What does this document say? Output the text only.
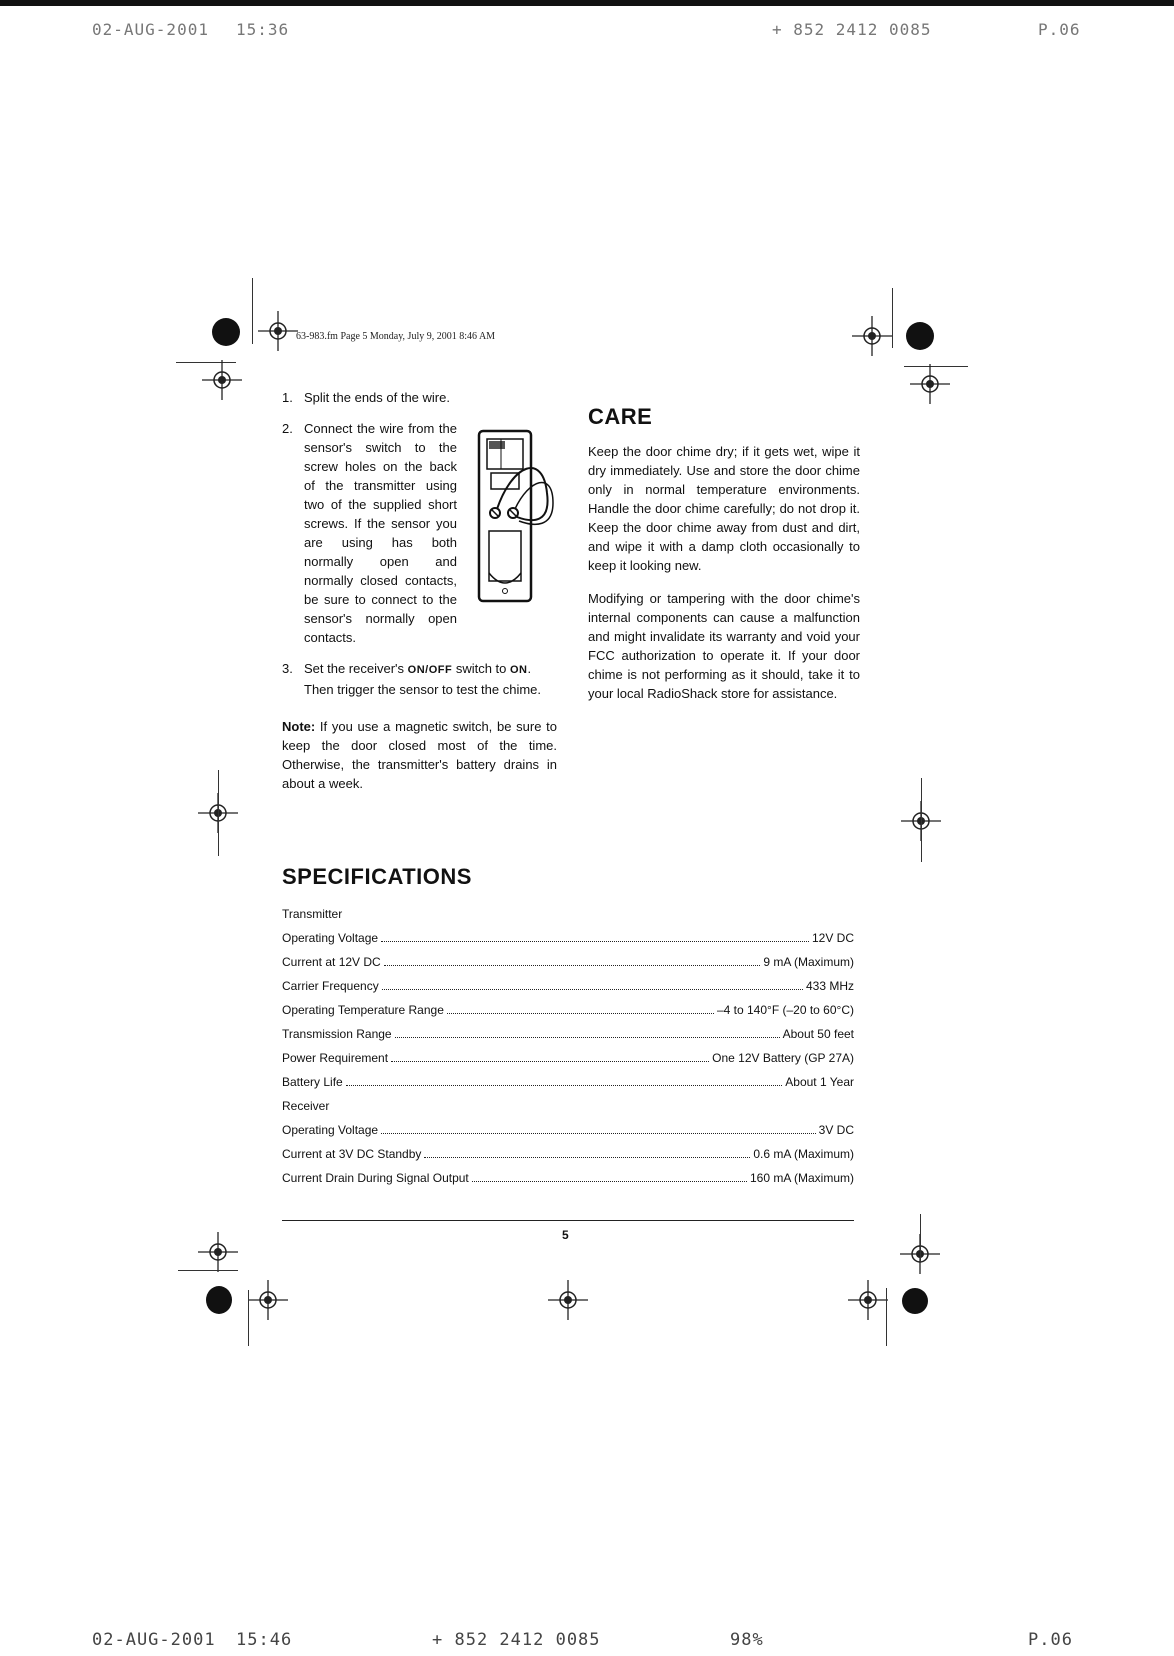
02-AUG-2001 15:36	+ 852 2412 0085	P.06
63-983.fm Page 5 Monday, July 9, 2001 8:46 AM
1. Split the ends of the wire.
2. Connect the wire from the sensor's switch to the screw holes on the back of the transmitter using two of the supplied short screws. If the sensor you are using has both normally open and normally closed contacts, be sure to connect to the sensor's normally open contacts.
3. Set the receiver's ON/OFF switch to ON. Then trigger the sensor to test the chime.
Note: If you use a magnetic switch, be sure to keep the door closed most of the time. Otherwise, the transmitter's battery drains in about a week.
CARE

Keep the door chime dry; if it gets wet, wipe it dry immediately. Use and store the door chime only in normal temperature environments. Handle the door chime carefully; do not drop it. Keep the door chime away from dust and dirt, and wipe it with a damp cloth occasionally to keep it looking new.

Modifying or tampering with the door chime's internal components can cause a malfunction and might invalidate its warranty and void your FCC authorization to operate it. If your door chime is not performing as it should, take it to your local RadioShack store for assistance.

SPECIFICATIONS
Transmitter
Operating Voltage	12V DC
Current at 12V DC	9 mA (Maximum)
Carrier Frequency	433 MHz
Operating Temperature Range	–4 to 140°F (–20 to 60°C)
Transmission Range	About 50 feet
Power Requirement	One 12V Battery (GP 27A)
Battery Life	About 1 Year
Receiver
Operating Voltage	3V DC
Current at 3V DC Standby	0.6 mA (Maximum)
Current Drain During Signal Output	160 mA (Maximum)
5
02-AUG-2001 15:46	+ 852 2412 0085	98%	P.06
